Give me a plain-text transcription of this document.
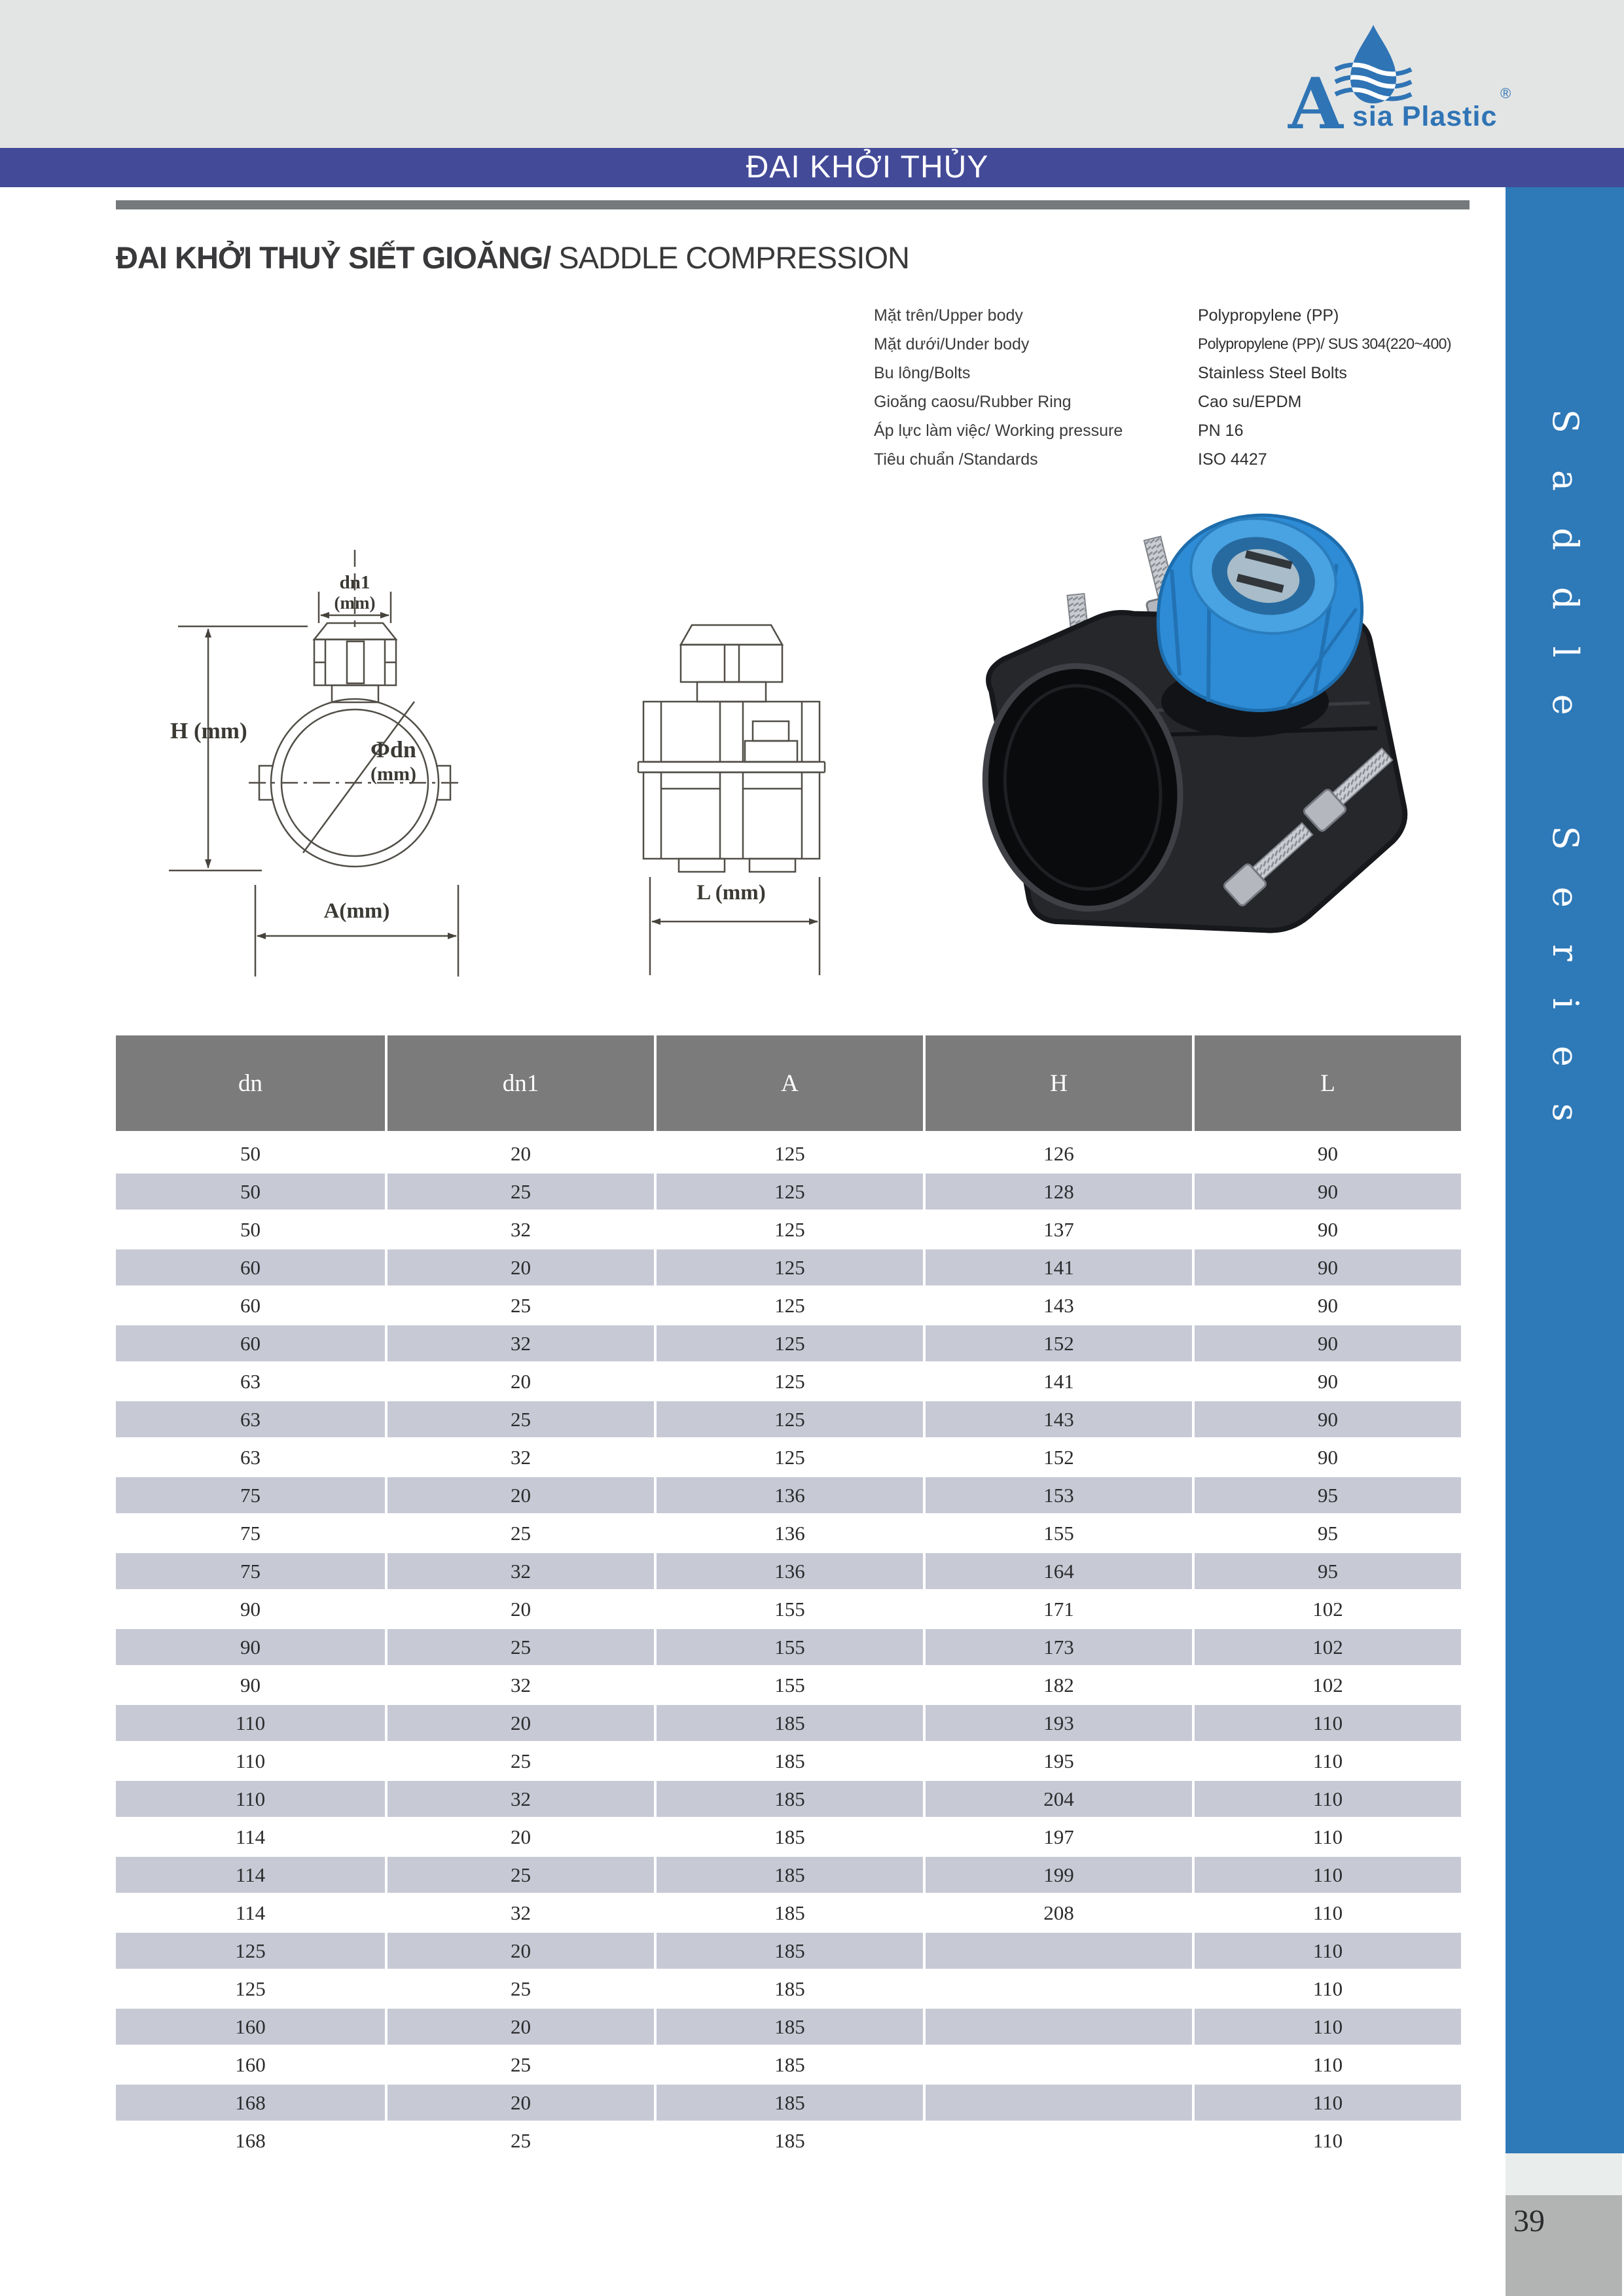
A sia Plastic
®
ĐAI KHỞI THỦY
ĐAI KHỞI THUỶ SIẾT GIOĂNG/ SADDLE COMPRESSION
Mặt trên/Upper body	Polypropylene (PP)
Mặt dưới/Under body	Polypropylene (PP)/ SUS 304(220~400)
Bu lông/Bolts	Stainless Steel Bolts
Gioăng caosu/Rubber Ring	Cao su/EPDM
Áp lực làm việc/ Working pressure	PN 16
Tiêu chuẩn /Standards	ISO 4427
dn1
(mm)
H (mm)
Φdn
(mm)
A(mm)
L (mm)
dn	dn1	A	H	L
50	20	125	126	90
50	25	125	128	90
50	32	125	137	90
60	20	125	141	90
60	25	125	143	90
60	32	125	152	90
63	20	125	141	90
63	25	125	143	90
63	32	125	152	90
75	20	136	153	95
75	25	136	155	95
75	32	136	164	95
90	20	155	171	102
90	25	155	173	102
90	32	155	182	102
110	20	185	193	110
110	25	185	195	110
110	32	185	204	110
114	20	185	197	110
114	25	185	199	110
114	32	185	208	110
125	20	185		110
125	25	185		110
160	20	185		110
160	25	185		110
168	20	185		110
168	25	185		110
Saddle Series
39
